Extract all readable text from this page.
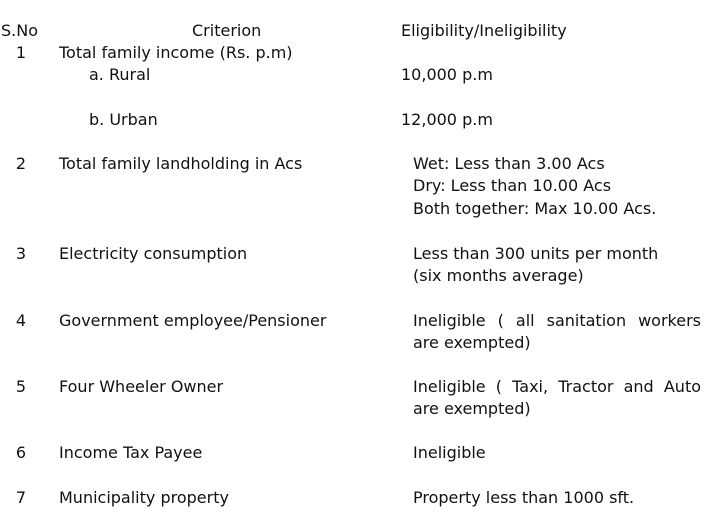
S.No	Criterion	Eligibility/Ineligibility
1	Total family income (Rs. p.m)
a. Rural	10,000 p.m
b. Urban	12,000 p.m
2	Total family landholding in Acs	Wet: Less than 3.00 Acs
Dry: Less than 10.00 Acs
Both together: Max 10.00 Acs.
3	Electricity consumption	Less than 300 units per month
(six months average)
4	Government employee/Pensioner	Ineligible ( all sanitation workers are exempted)
5	Four Wheeler Owner	Ineligible ( Taxi, Tractor and Auto are exempted)
6	Income Tax Payee	Ineligible
7	Municipality property	Property less than 1000 sft.
